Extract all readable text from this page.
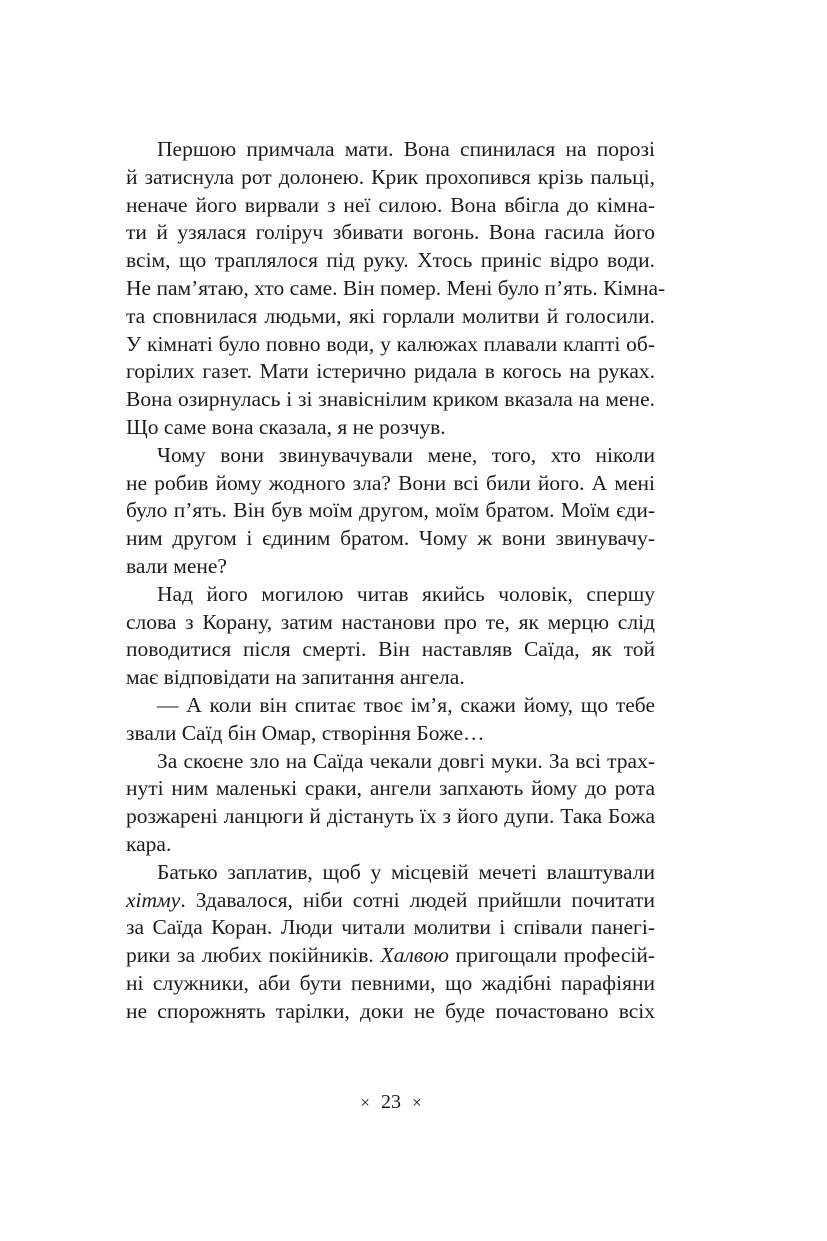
Першою примчала мати. Вона спинилася на порозі
й затиснула рот долонею. Крик прохопився крізь пальці,
неначе його вирвали з неї силою. Вона вбігла до кімна-
ти й узялася голіруч збивати вогонь. Вона гасила його
всім, що траплялося під руку. Хтось приніс відро води.
Не пам’ятаю, хто саме. Він помер. Мені було п’ять. Кімна-
та сповнилася людьми, які горлали молитви й голосили.
У кімнаті було повно води, у калюжах плавали клапті об-
горілих газет. Мати істерично ридала в когось на руках.
Вона озирнулась і зі знавіснілим криком вказала на мене.
Що саме вона сказала, я не розчув.
Чому вони звинувачували мене, того, хто ніколи
не робив йому жодного зла? Вони всі били його. А мені
було п’ять. Він був моїм другом, моїм братом. Моїм єди-
ним другом і єдиним братом. Чому ж вони звинувачу-
вали мене?
Над його могилою читав якийсь чоловік, спершу
слова з Корану, затим настанови про те, як мерцю слід
поводитися після смерті. Він наставляв Саїда, як той
має відповідати на запитання ангела.
— А коли він спитає твоє ім’я, скажи йому, що тебе
звали Саїд бін Омар, створіння Боже…
За скоєне зло на Саїда чекали довгі муки. За всі трах-
нуті ним маленькі сраки, ангели запхають йому до рота
розжарені ланцюги й дістануть їх з його дупи. Така Божа
кара.
Батько заплатив, щоб у місцевій мечеті влаштували
хітму. Здавалося, ніби сотні людей прийшли почитати
за Саїда Коран. Люди читали молитви і співали панегі-
рики за любих покійників. Халвою пригощали професій-
ні служники, аби бути певними, що жадібні парафіяни
не спорожнять тарілки, доки не буде почастовано всіх
× 23 ×
